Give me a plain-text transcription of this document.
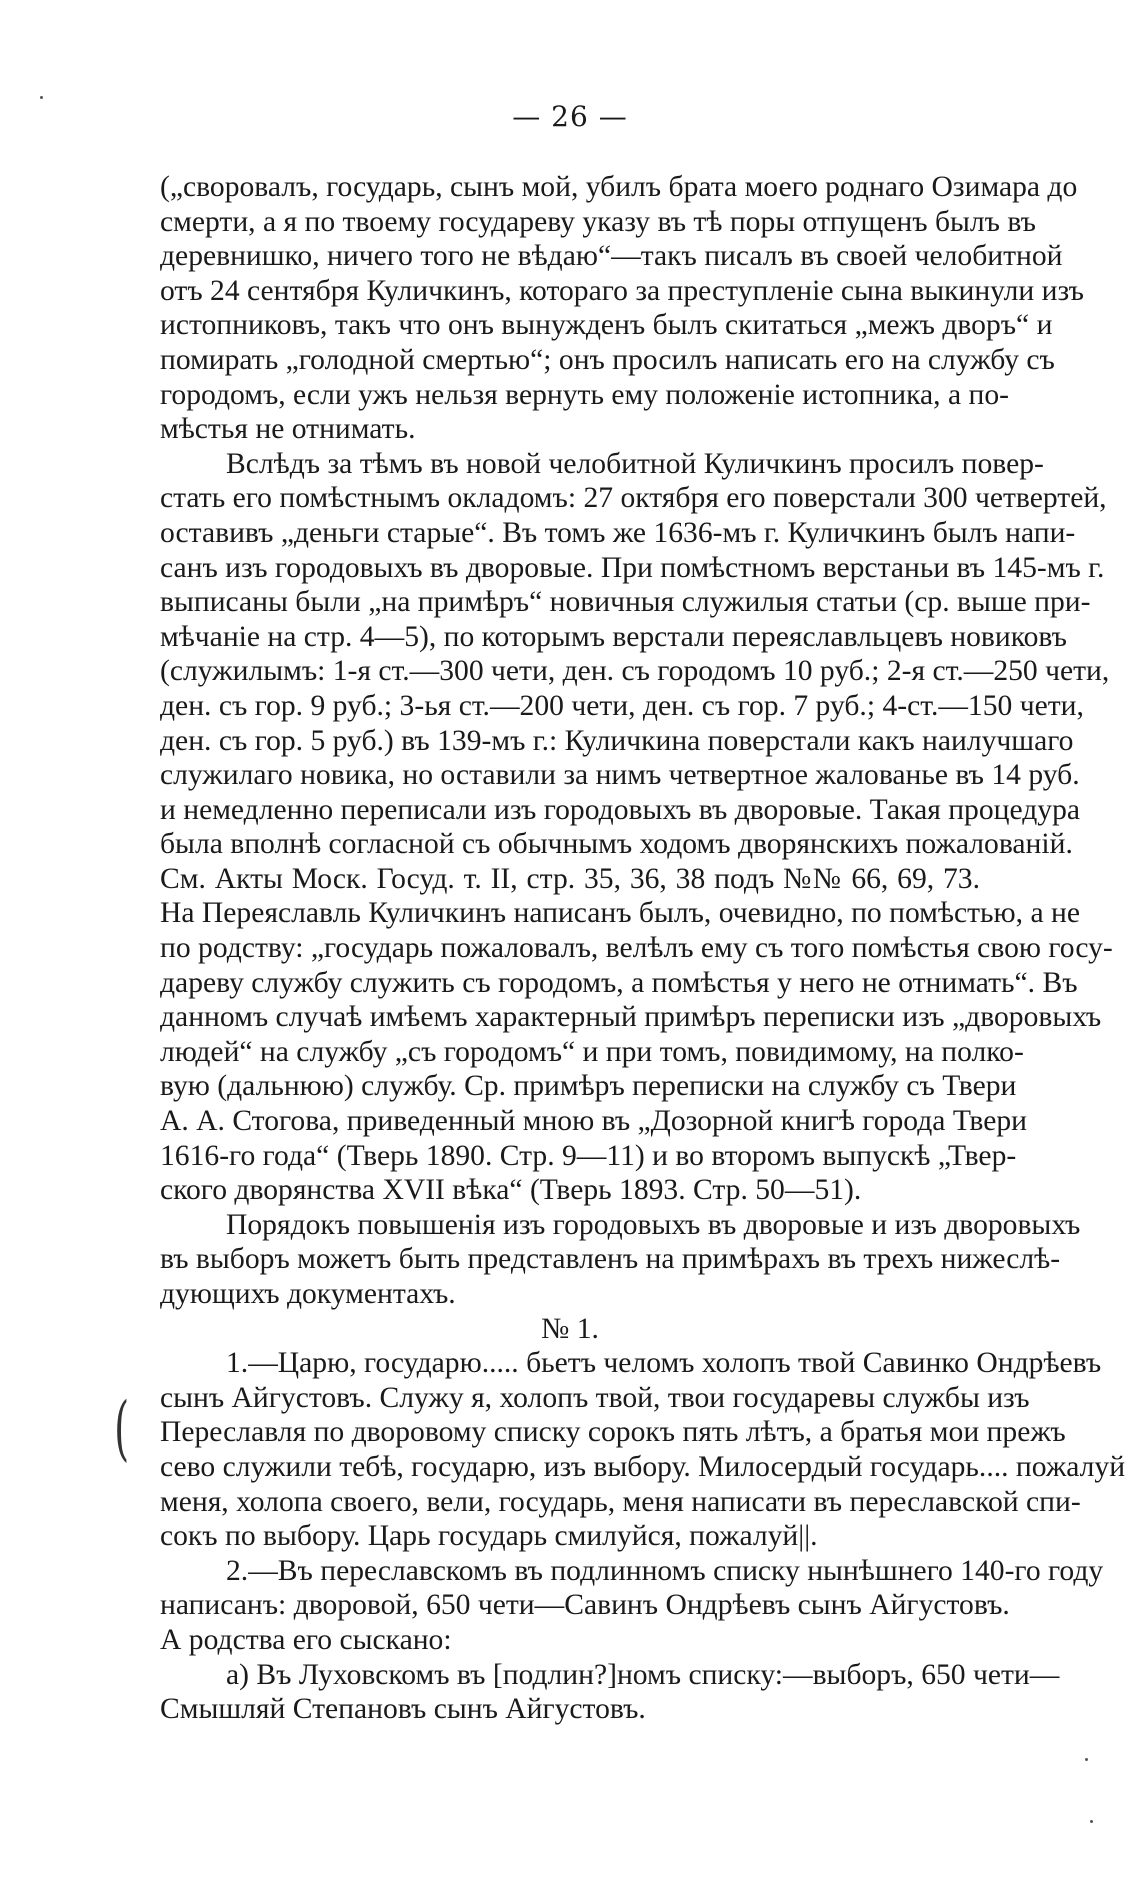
— 26 —
(
(„своровалъ, государь, сынъ мой, убилъ брата моего роднаго Озимара до
смерти, а я по твоему государеву указу въ тѣ поры отпущенъ былъ въ
деревнишко, ничего того не вѣдаю“—такъ писалъ въ своей челобитной
отъ 24 сентября Куличкинъ, котораго за преступленіе сына выкинули изъ
истопниковъ, такъ что онъ вынужденъ былъ скитаться „межъ дворъ“ и
помирать „голодной смертью“; онъ просилъ написать его на службу съ
городомъ, если ужъ нельзя вернуть ему положеніе истопника, а по-
мѣстья не отнимать.
Вслѣдъ за тѣмъ въ новой челобитной Куличкинъ просилъ повер-
стать его помѣстнымъ окладомъ: 27 октября его поверстали 300 четвертей,
оставивъ „деньги старые“. Въ томъ же 1636-мъ г. Куличкинъ былъ напи-
санъ изъ городовыхъ въ дворовые. При помѣстномъ верстаньи въ 145-мъ г.
выписаны были „на примѣръ“ новичныя служилыя статьи (ср. выше при-
мѣчаніе на стр. 4—5), по которымъ верстали переяславльцевъ новиковъ
(служилымъ: 1-я ст.—300 чети, ден. съ городомъ 10 руб.; 2-я ст.—250 чети,
ден. съ гор. 9 руб.; 3-ья ст.—200 чети, ден. съ гор. 7 руб.; 4-ст.—150 чети,
ден. съ гор. 5 руб.) въ 139-мъ г.: Куличкина поверстали какъ наилучшаго
служилаго новика, но оставили за нимъ четвертное жалованье въ 14 руб.
и немедленно переписали изъ городовыхъ въ дворовые. Такая процедура
была вполнѣ согласной съ обычнымъ ходомъ дворянскихъ пожалованій.
См. Акты Моск. Госуд. т. II, стр. 35, 36, 38 подъ №№ 66, 69, 73.
На Переяславль Куличкинъ написанъ былъ, очевидно, по помѣстью, а не
по родству: „государь пожаловалъ, велѣлъ ему съ того помѣстья свою госу-
дареву службу служить съ городомъ, а помѣстья у него не отнимать“. Въ
данномъ случаѣ имѣемъ характерный примѣръ переписки изъ „дворовыхъ
людей“ на службу „съ городомъ“ и при томъ, повидимому, на полко-
вую (дальнюю) службу. Ср. примѣръ переписки на службу съ Твери
А. А. Стогова, приведенный мною въ „Дозорной книгѣ города Твери
1616-го года“ (Тверь 1890. Стр. 9—11) и во второмъ выпускѣ „Твер-
ского дворянства XVII вѣка“ (Тверь 1893. Стр. 50—51).
Порядокъ повышенія изъ городовыхъ въ дворовые и изъ дворовыхъ
въ выборъ можетъ быть представленъ на примѣрахъ въ трехъ нижеслѣ-
дующихъ документахъ.
№ 1.
1.—Царю, государю..... бьетъ челомъ холопъ твой Савинко Ондрѣевъ
сынъ Айгустовъ. Служу я, холопъ твой, твои государевы службы изъ
Переславля по дворовому списку сорокъ пять лѣтъ, а братья мои прежъ
сево служили тебѣ, государю, изъ выбору. Милосердый государь.... пожалуй
меня, холопа своего, вели, государь, меня написати въ переславской спи-
сокъ по выбору. Царь государь смилуйся, пожалуй||.
2.—Въ переславскомъ въ подлинномъ списку нынѣшнего 140-го году
написанъ: дворовой, 650 чети—Савинъ Ондрѣевъ сынъ Айгустовъ.
А родства его сыскано:
а) Въ Луховскомъ въ [подлин?]номъ списку:—выборъ, 650 чети—
Смышляй Степановъ сынъ Айгустовъ.
